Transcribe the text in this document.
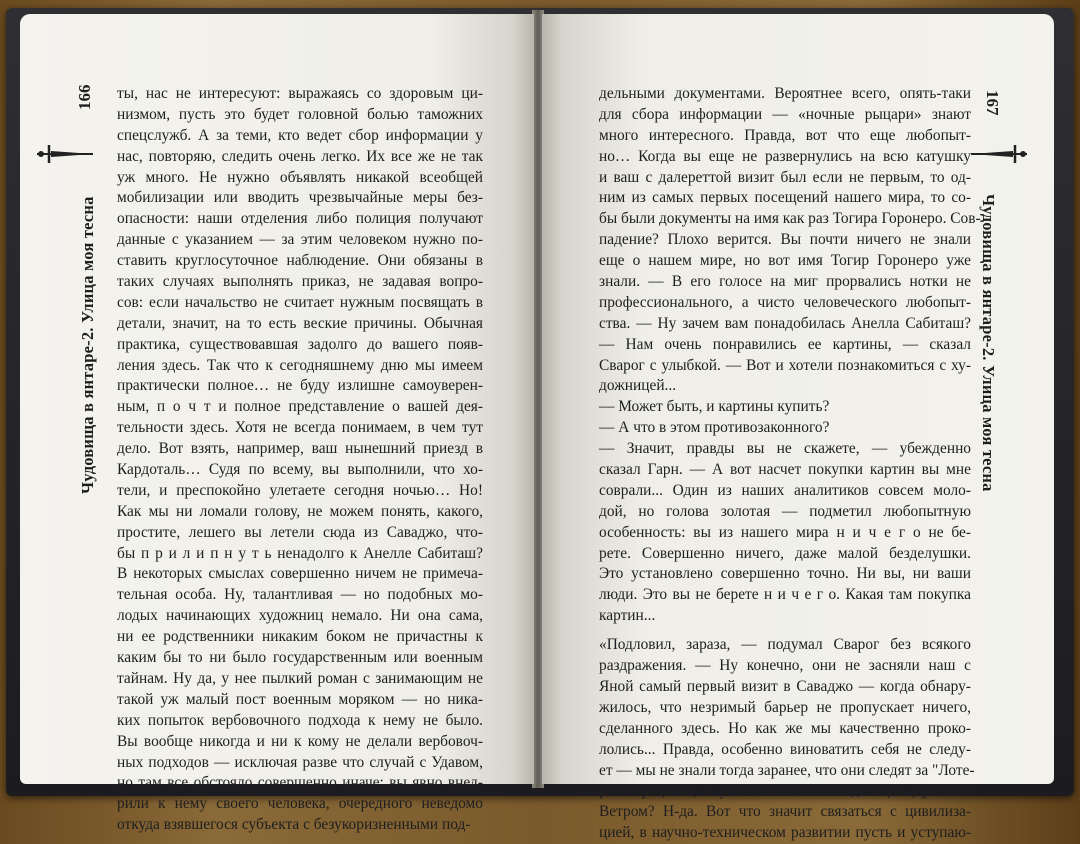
166
Чудовища в янтаре-2. Улица моя тесна
ты, нас не интересуют: выражаясь со здоровым ци-
низмом, пусть это будет головной болью таможних
спецслужб. А за теми, кто ведет сбор информации у
нас, повторяю, следить очень легко. Их все же не так
уж много. Не нужно объявлять никакой всеобщей
мобилизации или вводить чрезвычайные меры без-
опасности: наши отделения либо полиция получают
данные с указанием — за этим человеком нужно по-
ставить круглосуточное наблюдение. Они обязаны в
таких случаях выполнять приказ, не задавая вопро-
сов: если начальство не считает нужным посвящать в
детали, значит, на то есть веские причины. Обычная
практика, существовавшая задолго до вашего появ-
ления здесь. Так что к сегодняшнему дню мы имеем
практически полное… не буду излишне самоуверен-
ным, п о ч т и полное представление о вашей дея-
тельности здесь. Хотя не всегда понимаем, в чем тут
дело. Вот взять, например, ваш нынешний приезд в
Кардоталь… Судя по всему, вы выполнили, что хо-
тели, и преспокойно улетаете сегодня ночью… Но!
Как мы ни ломали голову, не можем понять, какого,
простите, лешего вы летели сюда из Саваджо, что-
бы п р и л и п н у т ь ненадолго к Анелле Сабиташ?
В некоторых смыслах совершенно ничем не примеча-
тельная особа. Ну, талантливая — но подобных мо-
лодых начинающих художниц немало. Ни она сама,
ни ее родственники никаким боком не причастны к
каким бы то ни было государственным или военным
тайнам. Ну да, у нее пылкий роман с занимающим не
такой уж малый пост военным моряком — но ника-
ких попыток вербовочного подхода к нему не было.
Вы вообще никогда и ни к кому не делали вербовоч-
ных подходов — исключая разве что случай с Удавом,
но там все обстояло совершенно иначе: вы явно внед-
рили к нему своего человека, очередного неведомо
откуда взявшегося субъекта с безукоризненными под-
167
Чудовища в янтаре-2. Улица моя тесна
дельными документами. Вероятнее всего, опять-таки
для сбора информации — «ночные рыцари» знают
много интересного. Правда, вот что еще любопыт-
но… Когда вы еще не развернулись на всю катушку
и ваш с далереттой визит был если не первым, то од-
ним из самых первых посещений нашего мира, то со-
бы были документы на имя как раз Тогира Горонеро. Сов-
падение? Плохо верится. Вы почти ничего не знали
еще о нашем мире, но вот имя Тогир Горонеро уже
знали. — В его голосе на миг прорвались нотки не
профессионального, а чисто человеческого любопыт-
ства. — Ну зачем вам понадобилась Анелла Сабиташ?
— Нам очень понравились ее картины, — сказал
Сварог с улыбкой. — Вот и хотели познакомиться с ху-
дожницей...
— Может быть, и картины купить?
— А что в этом противозаконного?
— Значит, правды вы не скажете, — убежденно
сказал Гарн. — А вот насчет покупки картин вы мне
соврали... Один из наших аналитиков совсем моло-
дой, но голова золотая — подметил любопытную
особенность: вы из нашего мира н и ч е г о не бе-
рете. Совершенно ничего, даже малой безделушки.
Это установлено совершенно точно. Ни вы, ни ваши
люди. Это вы не берете н и ч е г о. Какая там покупка
картин...
«Подловил, зараза, — подумал Сварог без всякого
раздражения. — Ну конечно, они не засняли наш с
Яной самый первый визит в Саваджо — когда обнару-
жилось, что незримый барьер не пропускает ничего,
сделанного здесь. Но как же мы качественно проко-
лолись... Правда, особенно виноватить себя не следу-
ет — мы не знали тогда заранее, что они следят за "Лоте-
реей-Грацией", и у них там есть владеющий Древним
Ветром? Н-да. Вот что значит связаться с цивилиза-
цией, в научно-техническом развитии пусть и уступаю-
